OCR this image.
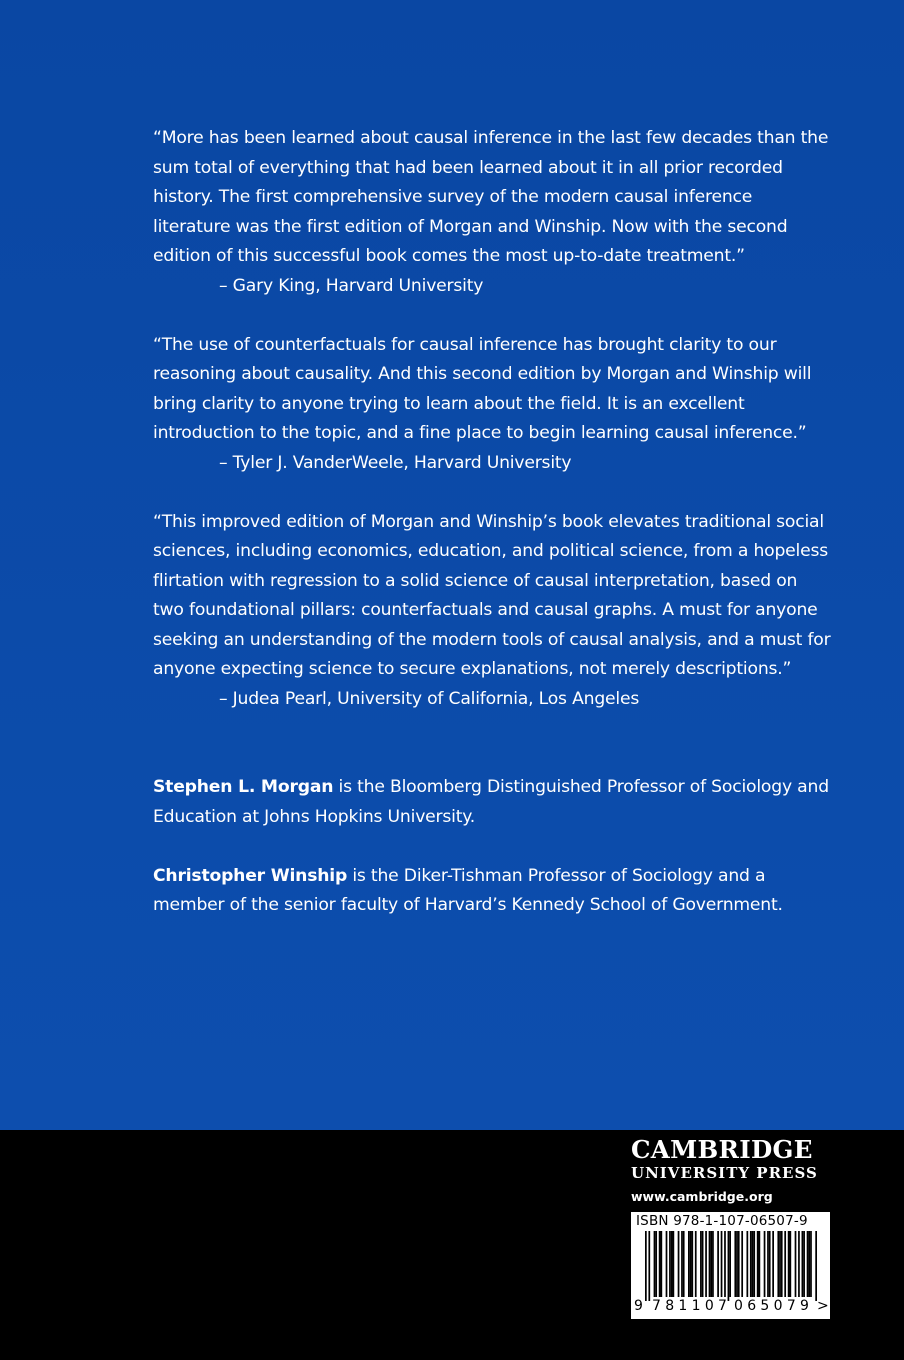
“More has been learned about causal inference in the last few decades than the sum total of everything that had been learned about it in all prior recorded history. The first comprehensive survey of the modern causal inference literature was the first edition of Morgan and Winship. Now with the second edition of this successful book comes the most up-to-date treatment.”

– Gary King, Harvard University

“The use of counterfactuals for causal inference has brought clarity to our reasoning about causality. And this second edition by Morgan and Winship will bring clarity to anyone trying to learn about the field. It is an excellent introduction to the topic, and a fine place to begin learning causal inference.”

– Tyler J. VanderWeele, Harvard University

“This improved edition of Morgan and Winship’s book elevates traditional social sciences, including economics, education, and political science, from a hopeless flirtation with regression to a solid science of causal interpretation, based on two foundational pillars: counterfactuals and causal graphs. A must for anyone seeking an understanding of the modern tools of causal analysis, and a must for anyone expecting science to secure explanations, not merely descriptions.”

– Judea Pearl, University of California, Los Angeles

Stephen L. Morgan is the Bloomberg Distinguished Professor of Sociology and Education at Johns Hopkins University.

Christopher Winship is the Diker-Tishman Professor of Sociology and a member of the senior faculty of Harvard’s Kennedy School of Government.

CAMBRIDGE
UNIVERSITY PRESS
www.cambridge.org
ISBN 978-1-107-06507-9
9 781107 065079 >
